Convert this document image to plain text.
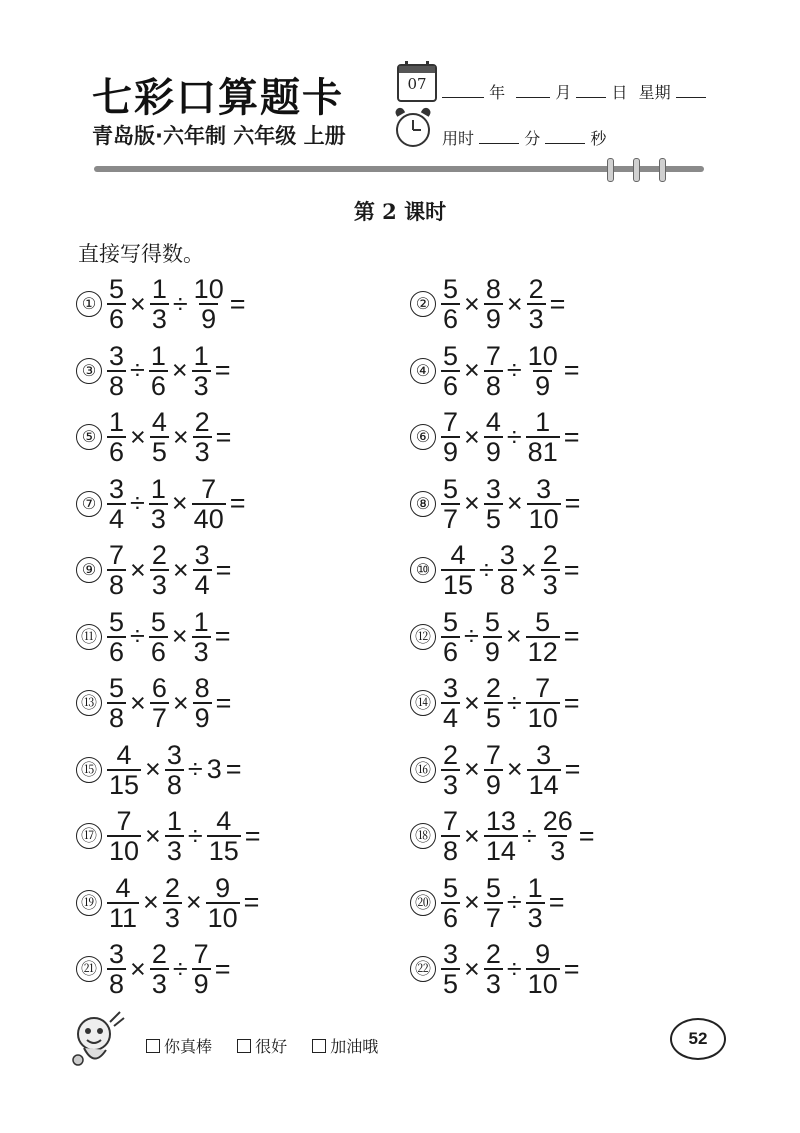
七彩口算题卡
青岛版·六年制 六年级 上册
07	年	月	日 星期
用时	分	秒
第 2 课时
直接写得数。
① $\frac{5}{6} \times \frac{1}{3} \div \frac{10}{9}$ =	② $\frac{5}{6} \times \frac{8}{9} \times \frac{2}{3}$ =
③ $\frac{3}{8} \div \frac{1}{6} \times \frac{1}{3}$ =	④ $\frac{5}{6} \times \frac{7}{8} \div \frac{10}{9}$ =
⑤ $\frac{1}{6} \times \frac{4}{5} \times \frac{2}{3}$ =	⑥ $\frac{7}{9} \times \frac{4}{9} \div \frac{1}{81}$ =
⑦ $\frac{3}{4} \div \frac{1}{3} \times \frac{7}{40}$ =	⑧ $\frac{5}{7} \times \frac{3}{5} \times \frac{3}{10}$ =
⑨ $\frac{7}{8} \times \frac{2}{3} \times \frac{3}{4}$ =	⑩ $\frac{4}{15} \div \frac{3}{8} \times \frac{2}{3}$ =
⑪ $\frac{5}{6} \div \frac{5}{6} \times \frac{1}{3}$ =	⑫ $\frac{5}{6} \div \frac{5}{9} \times \frac{5}{12}$ =
⑬ $\frac{5}{8} \times \frac{6}{7} \times \frac{8}{9}$ =	⑭ $\frac{3}{4} \times \frac{2}{5} \div \frac{7}{10}$ =
⑮ $\frac{4}{15} \times \frac{3}{8} \div 3$ =	⑯ $\frac{2}{3} \times \frac{7}{9} \times \frac{3}{14}$ =
⑰ $\frac{7}{10} \times \frac{1}{3} \div \frac{4}{15}$ =	⑱ $\frac{7}{8} \times \frac{13}{14} \div \frac{26}{3}$ =
⑲ $\frac{4}{11} \times \frac{2}{3} \times \frac{9}{10}$ =	⑳ $\frac{5}{6} \times \frac{5}{7} \div \frac{1}{3}$ =
㉑ $\frac{3}{8} \times \frac{2}{3} \div \frac{7}{9}$ =	㉒ $\frac{3}{5} \times \frac{2}{3} \div \frac{9}{10}$ =
你真棒
	很好
	加油哦	52
